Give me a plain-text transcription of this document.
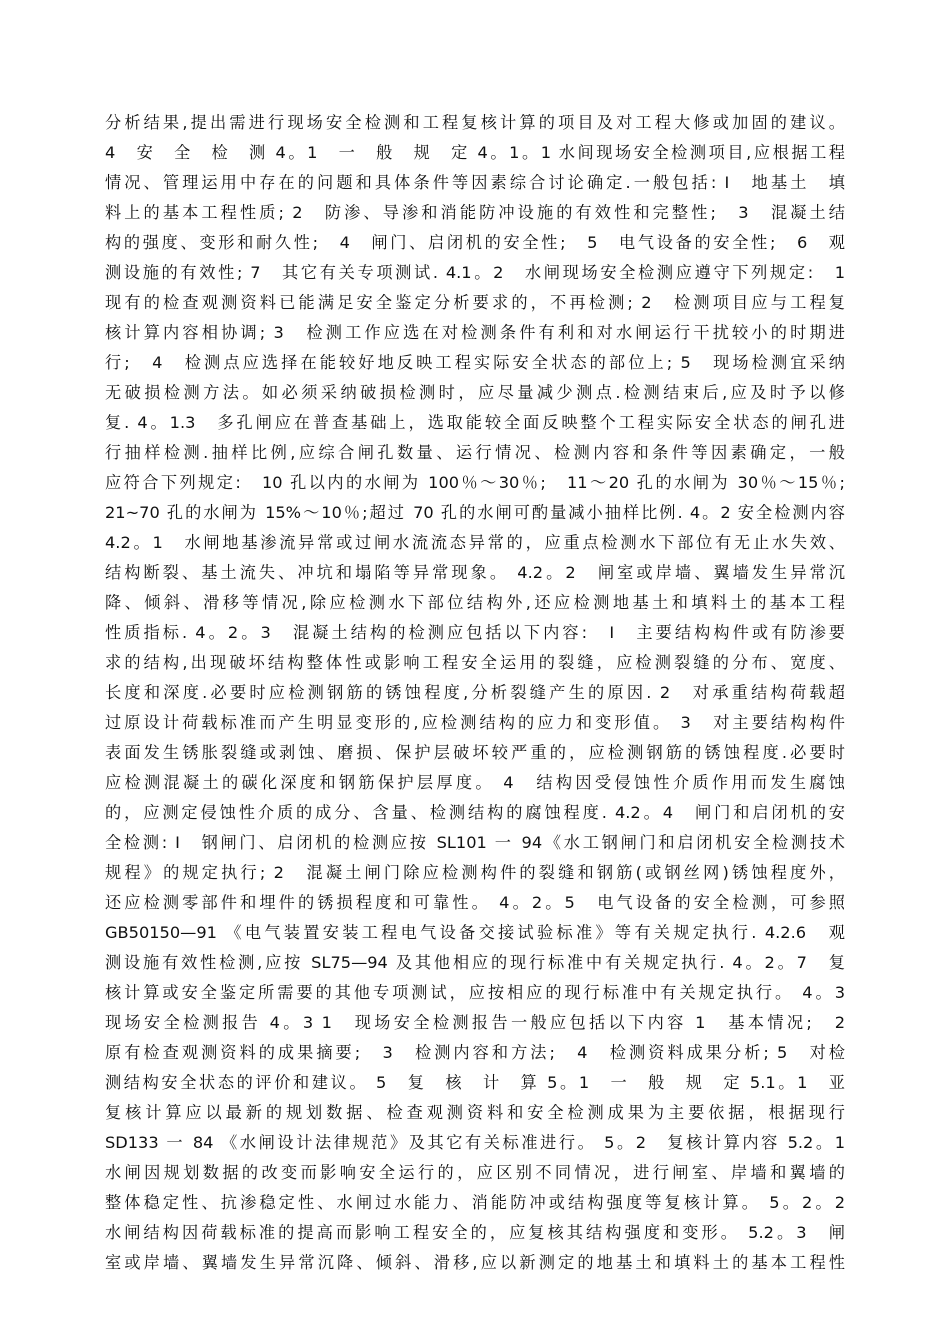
分析结果,提出需进行现场安全检测和工程复核计算的项目及对工程大修或加固的建议。
4　安　全　检　测 4。1　一　般　规　定 4。1。1 水间现场安全检测项目,应根据工程
情况、管理运用中存在的问题和具体条件等因素综合讨论确定.一般包括: I　地基土　填
料上的基本工程性质; 2　防渗、导渗和消能防冲设施的有效性和完整性;　3　混凝土结
构的强度、变形和耐久性;　4　闸门、启闭机的安全性;　5　电气设备的安全性;　6　观
测设施的有效性; 7　其它有关专项测试. 4.1。2　水闸现场安全检测应遵守下列规定:　1
现有的检查观测资料已能满足安全鉴定分析要求的，不再检测; 2　检测项目应与工程复
核计算内容相协调; 3　检测工作应选在对检测条件有利和对水闸运行干扰较小的时期进
行;　4　检测点应选择在能较好地反映工程实际安全状态的部位上; 5　现场检测宜采纳
无破损检测方法。如必须采纳破损检测时，应尽量减少测点.检测结束后,应及时予以修
复. 4。1.3　多孔闸应在普查基础上，选取能较全面反映整个工程实际安全状态的闸孔进
行抽样检测.抽样比例,应综合闸孔数量、运行情况、检测内容和条件等因素确定，一般
应符合下列规定:　10 孔以内的水闸为 100％～30％;　11～20 孔的水闸为 30％～15％;
21~70 孔的水闸为 15%～10％;超过 70 孔的水闸可酌量减小抽样比例. 4。2 安全检测内容
4.2。1　水闸地基渗流异常或过闸水流流态异常的，应重点检测水下部位有无止水失效、
结构断裂、基土流失、冲坑和塌陷等异常现象。 4.2。2　闸室或岸墙、翼墙发生异常沉
降、倾斜、滑移等情况,除应检测水下部位结构外,还应检测地基土和填料土的基本工程
性质指标. 4。2。3　混凝土结构的检测应包括以下内容:　I　主要结构构件或有防渗要
求的结构,出现破坏结构整体性或影响工程安全运用的裂缝，应检测裂缝的分布、宽度、
长度和深度.必要时应检测钢筋的锈蚀程度,分析裂缝产生的原因. 2　对承重结构荷载超
过原设计荷载标准而产生明显变形的,应检测结构的应力和变形值。 3　对主要结构构件
表面发生锈胀裂缝或剥蚀、磨损、保护层破坏较严重的，应检测钢筋的锈蚀程度.必要时
应检测混凝土的碳化深度和钢筋保护层厚度。 4　结构因受侵蚀性介质作用而发生腐蚀
的，应测定侵蚀性介质的成分、含量、检测结构的腐蚀程度. 4.2。4　闸门和启闭机的安
全检测: I　钢闸门、启闭机的检测应按 SL101 一 94《水工钢闸门和启闭机安全检测技术
规程》的规定执行; 2　混凝土闸门除应检测构件的裂缝和钢筋(或钢丝网)锈蚀程度外，
还应检测零部件和埋件的锈损程度和可靠性。 4。2。5　电气设备的安全检测，可参照
GB50150—91 《电气装置安装工程电气设备交接试验标准》等有关规定执行. 4.2.6　观
测设施有效性检测,应按 SL75—94 及其他相应的现行标准中有关规定执行. 4。2。7　复
核计算或安全鉴定所需要的其他专项测试，应按相应的现行标准中有关规定执行。 4。3
现场安全检测报告 4。3 1　现场安全检测报告一般应包括以下内容 1　基本情况;　2
原有检查观测资料的成果摘要;　3　检测内容和方法;　4　检测资料成果分析; 5　对检
测结构安全状态的评价和建议。 5　复　核　计　算 5。1　一　般　规　定 5.1。1　亚
复核计算应以最新的规划数据、检查观测资料和安全检测成果为主要依据，根据现行
SD133 一 84 《水闸设计法律规范》及其它有关标准进行。 5。2　复核计算内容 5.2。1
水闸因规划数据的改变而影响安全运行的，应区别不同情况，进行闸室、岸墙和翼墙的
整体稳定性、抗渗稳定性、水闸过水能力、消能防冲或结构强度等复核计算。 5。2。2
水闸结构因荷载标准的提高而影响工程安全的，应复核其结构强度和变形。 5.2。3　闸
室或岸墙、翼墙发生异常沉降、倾斜、滑移,应以新测定的地基土和填料土的基本工程性
